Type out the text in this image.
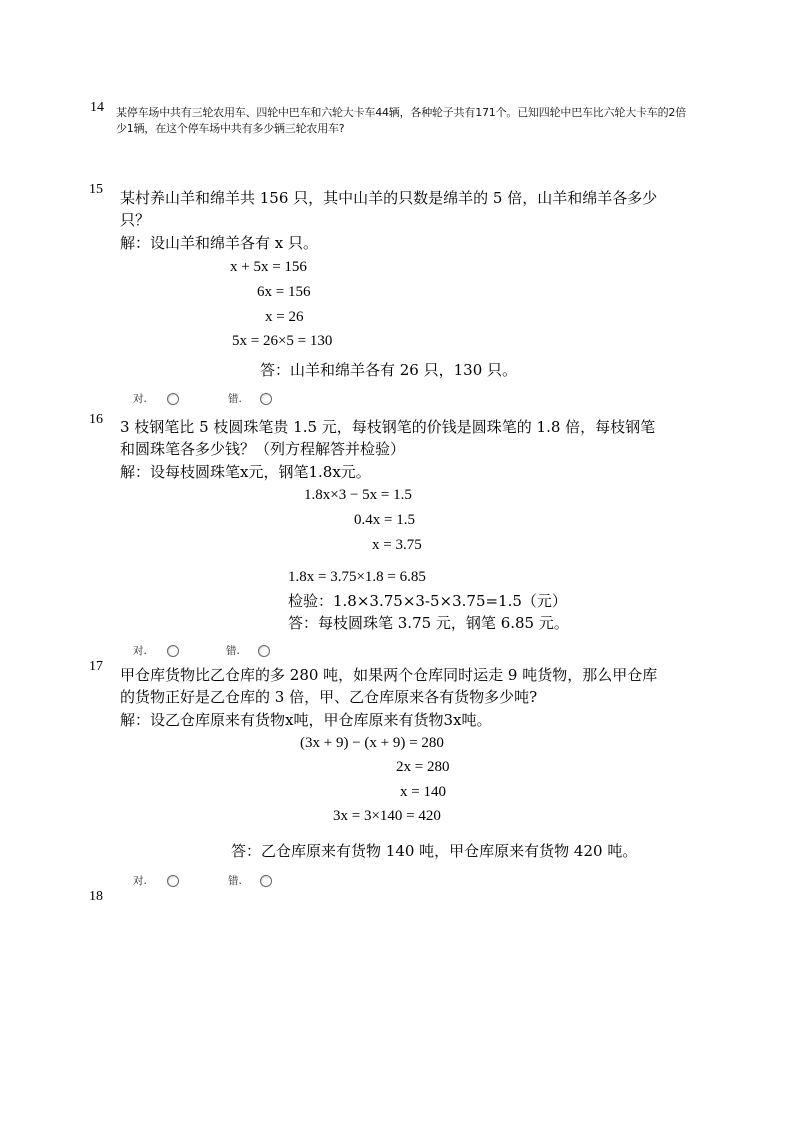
14 某停车场中共有三轮农用车、四轮中巴车和六轮大卡车44辆，各种轮子共有171个。已知四轮中巴车比六轮大卡车的2倍
少1辆，在这个停车场中共有多少辆三轮农用车?
15 某村养山羊和绵羊共 156 只，其中山羊的只数是绵羊的 5 倍，山羊和绵羊各多少
只？
解：设山羊和绵羊各有 x 只。
x + 5x = 156
6x = 156
x = 26
5x = 26×5 = 130
答：山羊和绵羊各有 26 只，130 只。
对.	错.
16 3 枝钢笔比 5 枝圆珠笔贵 1.5 元，每枝钢笔的价钱是圆珠笔的 1.8 倍，每枝钢笔
和圆珠笔各多少钱？（列方程解答并检验）
解：设每枝圆珠笔x元，钢笔1.8x元。
1.8x×3 − 5x = 1.5
0.4x = 1.5
x = 3.75
1.8x = 3.75×1.8 = 6.85
检验：1.8×3.75×3-5×3.75=1.5（元）
答：每枝圆珠笔 3.75 元，钢笔 6.85 元。
对.	错.
17 甲仓库货物比乙仓库的多 280 吨，如果两个仓库同时运走 9 吨货物，那么甲仓库
的货物正好是乙仓库的 3 倍，甲、乙仓库原来各有货物多少吨?
解：设乙仓库原来有货物x吨，甲仓库原来有货物3x吨。
(3x + 9) − (x + 9) = 280
2x = 280
x = 140
3x = 3×140 = 420
答：乙仓库原来有货物 140 吨，甲仓库原来有货物 420 吨。
对.	错.
18
